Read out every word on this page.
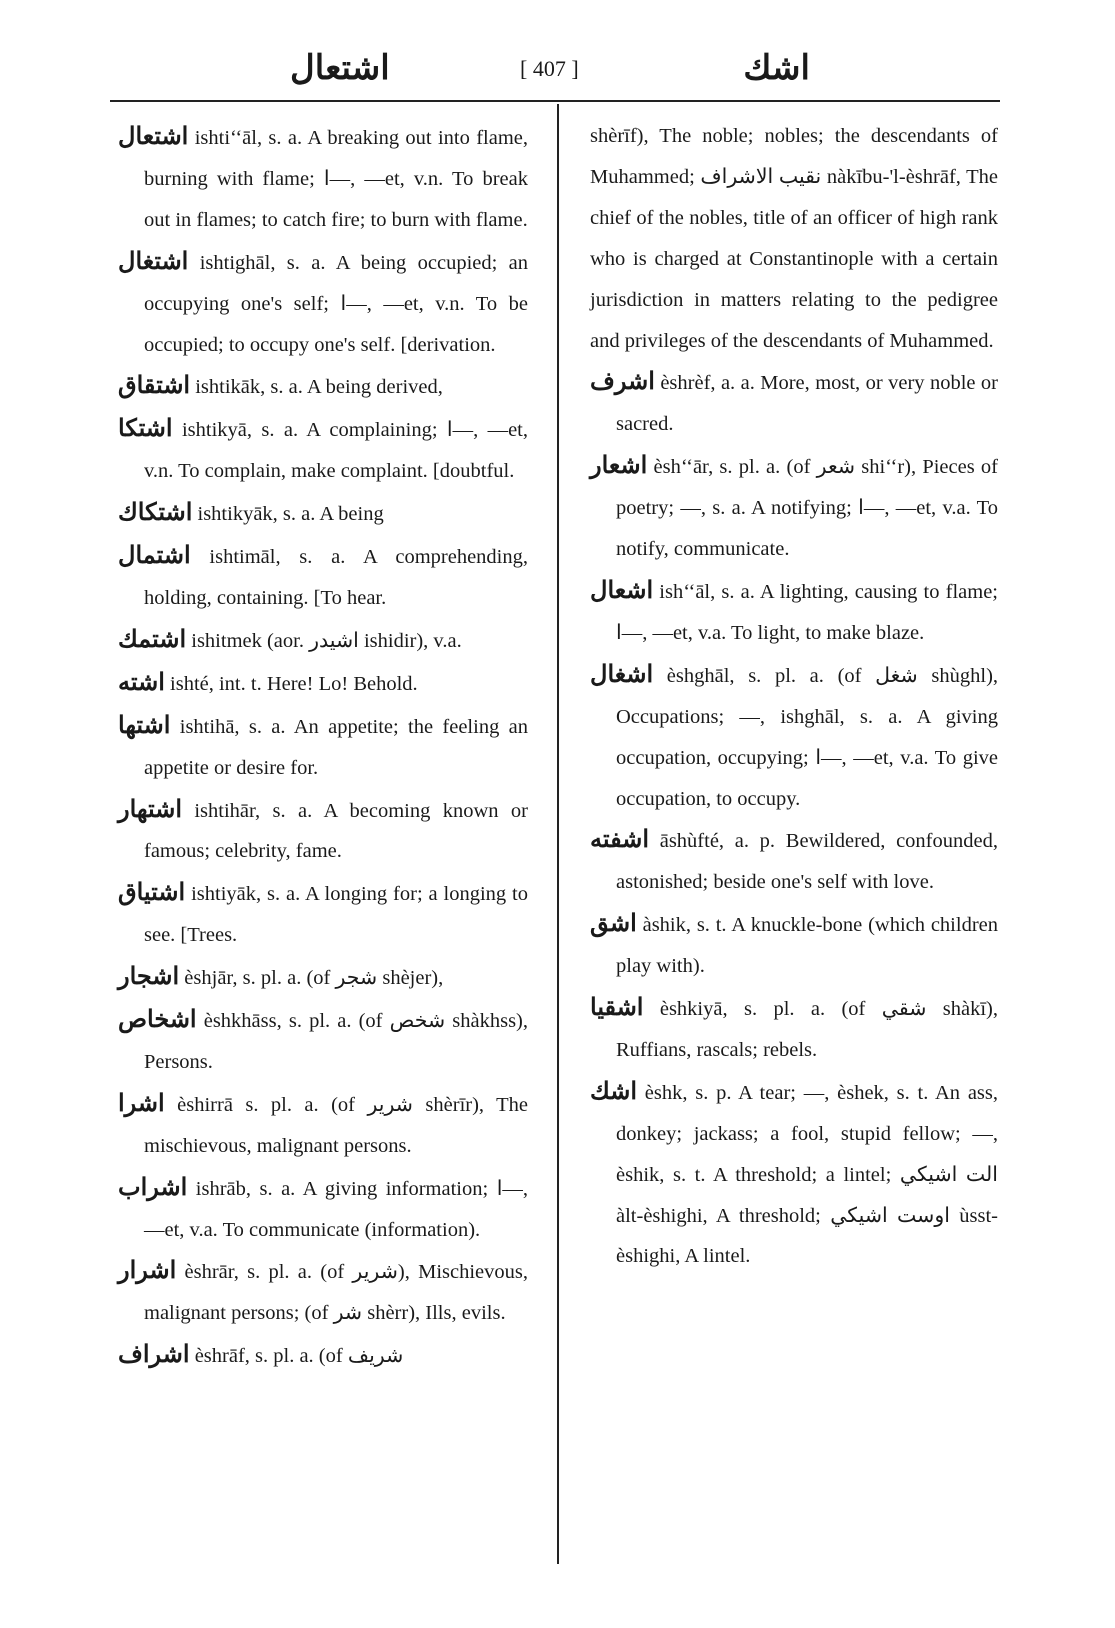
اشتعال	[ 407 ]	اشك
اشتعال ishti‘‘āl, s. a. A breaking out into flame, burning with flame; ‌ا—, —et, v.n. To break out in flames; to catch fire; to burn with flame.
اشتغال ishtighāl, s. a. A being occupied; an occupying one's self; ‌ا—, —et, v.n. To be occupied; to occupy one's self. [derivation.
اشتقاق ishtikāk, s. a. A being derived,
اشتكا ishtikyā, s. a. A complaining; ‌ا—, —et, v.n. To complain, make complaint. [doubtful.
اشتكاك ishtikyāk, s. a. A being
اشتمال ishtimāl, s. a. A comprehending, holding, containing. [To hear.
اشتمك ishitmek (aor. اشيدر ishidir), v.a.
اشته ishté, int. t. Here! Lo! Behold.
اشتها ishtihā, s. a. An appetite; the feeling an appetite or desire for.
اشتهار ishtihār, s. a. A becoming known or famous; celebrity, fame.
اشتياق ishtiyāk, s. a. A longing for; a longing to see. [Trees.
اشجار èshjār, s. pl. a. (of شجر shèjer),
اشخاص èshkhāss, s. pl. a. (of شخص shàkhss), Persons.
اشرا èshirrā s. pl. a. (of شرير shèrīr), The mischievous, malignant persons.
اشراب ishrāb, s. a. A giving information; ‌ا—, —et, v.a. To communicate (information).
اشرار èshrār, s. pl. a. (of شرير), Mischievous, malignant persons; (of شر shèrr), Ills, evils.
اشراف èshrāf, s. pl. a. (of شريف
shèrīf), The noble; nobles; the descendants of Muhammed; نقيب الاشراف nàkību-'l-èshrāf, The chief of the nobles, title of an officer of high rank who is charged at Constantinople with a certain jurisdiction in matters relating to the pedigree and privileges of the descendants of Muhammed.
اشرف èshrèf, a. a. More, most, or very noble or sacred.
اشعار èsh‘‘ār, s. pl. a. (of شعر shi‘‘r), Pieces of poetry; —, s. a. A notifying; ‌ا—, —et, v.a. To notify, communicate.
اشعال ish‘‘āl, s. a. A lighting, causing to flame; ‌ا—, —et, v.a. To light, to make blaze.
اشغال èshghāl, s. pl. a. (of شغل shùghl), Occupations; —, ishghāl, s. a. A giving occupation, occupying; ‌ا—, —et, v.a. To give occupation, to occupy.
اشفته āshùfté, a. p. Bewildered, confounded, astonished; beside one's self with love.
اشق àshik, s. t. A knuckle-bone (which children play with).
اشقيا èshkiyā, s. pl. a. (of شقي shàkī), Ruffians, rascals; rebels.
اشك èshk, s. p. A tear; —, èshek, s. t. An ass, donkey; jackass; a fool, stupid fellow; —, èshik, s. t. A threshold; a lintel; الت اشيكي àlt-èshighi, A threshold; اوست اشيكي ùsst-èshighi, A lintel.
